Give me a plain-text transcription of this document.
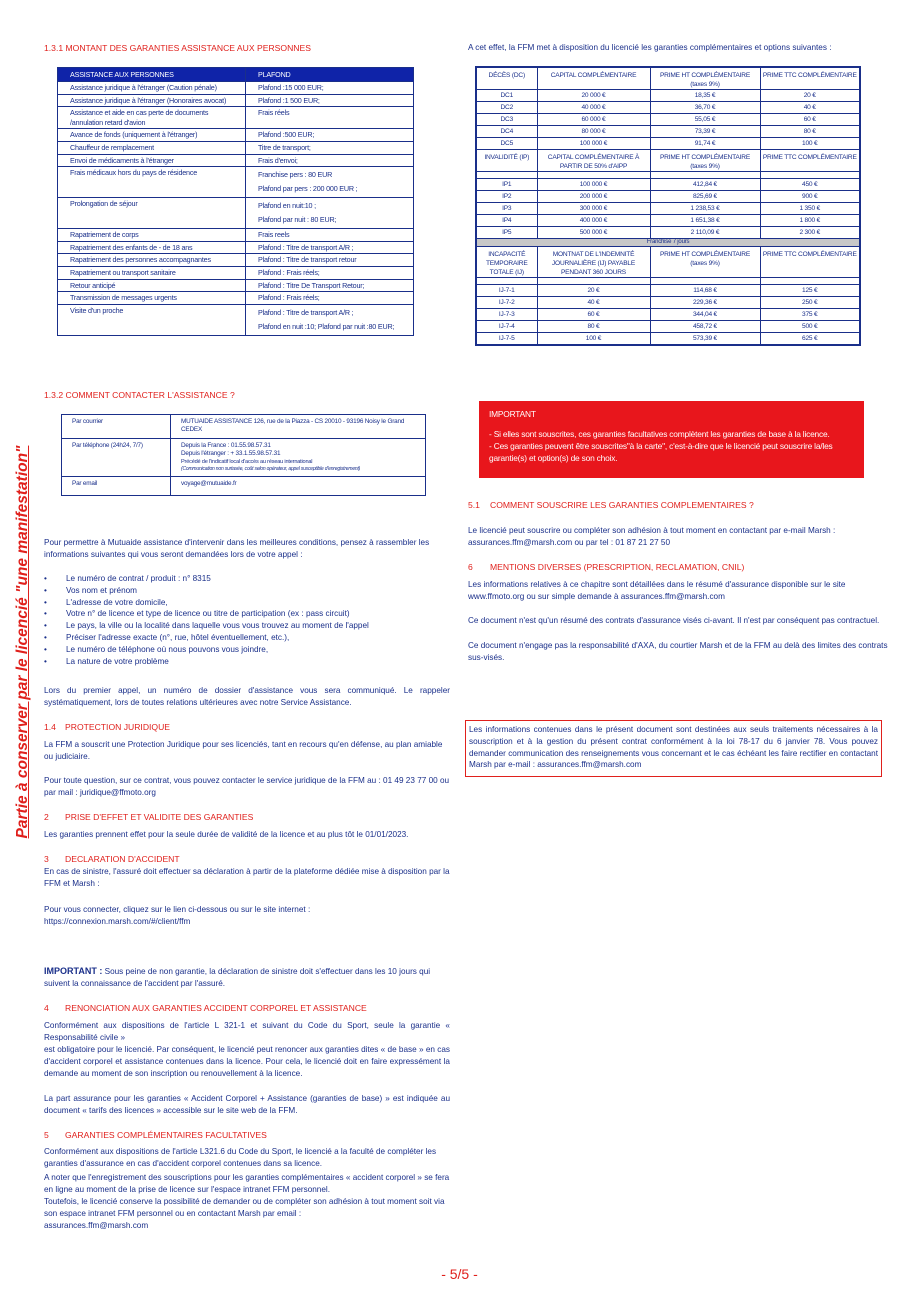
Partie à conserver par le licencié "une manifestation"
1.3.1 MONTANT DES GARANTIES ASSISTANCE AUX PERSONNES
ASSISTANCE AUX PERSONNES	PLAFOND
Assistance juridique à l'étranger (Caution pénale)	Plafond :15 000 EUR;
Assistance juridique à l'étranger (Honoraires avocat)	Plafond :1 500 EUR;
Assistance et aide en cas perte de documents /annulation retard d'avion	Frais réels
Avance de fonds (uniquement à l'étranger)	Plafond :500 EUR;
Chauffeur de remplacement	Titre de transport;
Envoi de médicaments à l'étranger	Frais d'envoi;
Frais médicaux hors du pays de résidence	Franchise pers : 80 EUR
Plafond par pers : 200 000 EUR ;
Prolongation de séjour	Plafond en nuit:10 ;
Plafond par nuit : 80 EUR;
Rapatriement de corps	Frais reels
Rapatriement des enfants de - de 18 ans	Plafond : Titre de transport A/R ;
Rapatriement des personnes accompagnantes	Plafond : Titre de transport retour
Rapatriement ou transport sanitaire	Plafond : Frais réels;
Retour anticipé	Plafond : Titre De Transport Retour;
Transmission de messages urgents	Plafond : Frais réels;
Visite d'un proche	Plafond : Titre de transport A/R ;
Plafond en nuit :10; Plafond par nuit :80 EUR;
1.3.2 COMMENT CONTACTER L'ASSISTANCE ?
Par courrier	MUTUAIDE ASSISTANCE 126, rue de la Piazza - CS 20010 - 93196 Noisy le Grand CEDEX
Par téléphone (24h24, 7/7)	Depuis la France : 01.55.98.57.31
Depuis l'étranger : + 33.1.55.98.57.31
Précédé de l'indicatif local d'accès au réseau international
(Communication non surtaxée, coût selon opérateur, appel susceptible d'enregistrement)

Par email	voyage@mutuaide.fr
Pour permettre à Mutuaide assistance d'intervenir dans les meilleures conditions, pensez à rassembler les informations suivantes qui vous seront demandées lors de votre appel :
• Le numéro de contrat / produit : n° 8315
• Vos nom et prénom
• L'adresse de votre domicile,
• Votre n° de licence et type de licence ou titre de participation (ex : pass circuit)
• Le pays, la ville ou la localité dans laquelle vous vous trouvez au moment de l'appel
• Préciser l'adresse exacte (n°, rue, hôtel éventuellement, etc.),
• Le numéro de téléphone où nous pouvons vous joindre,
• La nature de votre problème
Lors du premier appel, un numéro de dossier d'assistance vous sera communiqué. Le rappeler systématiquement, lors de toutes relations ultérieures avec notre Service Assistance.
1.4 PROTECTION JURIDIQUE
La FFM a souscrit une Protection Juridique pour ses licenciés, tant en recours qu'en défense, au plan amiable ou judiciaire.
Pour toute question, sur ce contrat, vous pouvez contacter le service juridique de la FFM au : 01 49 23 77 00 ou par mail : juridique@ffmoto.org
2 PRISE D'EFFET ET VALIDITE DES GARANTIES
Les garanties prennent effet pour la seule durée de validité de la licence et au plus tôt le 01/01/2023.
3 DECLARATION D'ACCIDENT
En cas de sinistre, l'assuré doit effectuer sa déclaration à partir de la plateforme dédiée mise à disposition par la FFM et Marsh :
Pour vous connecter, cliquez sur le lien ci-dessous ou sur le site internet :
https://connexion.marsh.com/#/client/ffm
IMPORTANT : Sous peine de non garantie, la déclaration de sinistre doit s'effectuer dans les 10 jours qui suivent la connaissance de l'accident par l'assuré.
4 RENONCIATION AUX GARANTIES ACCIDENT CORPOREL ET ASSISTANCE
Conformément aux dispositions de l'article L 321-1 et suivant du Code du Sport, seule la garantie « Responsabilité civile »
est obligatoire pour le licencié. Par conséquent, le licencié peut renoncer aux garanties dites « de base » en cas d'accident corporel et assistance contenues dans la licence. Pour cela, le licencié doit en faire expressément la demande au moment de son inscription ou renouvellement à la licence.
La part assurance pour les garanties « Accident Corporel + Assistance (garanties de base) » est indiquée au document « tarifs des licences » accessible sur le site web de la FFM.
5 GARANTIES COMPLÉMENTAIRES FACULTATIVES
Conformément aux dispositions de l'article L321.6 du Code du Sport, le licencié a la faculté de compléter les garanties d'assurance en cas d'accident corporel contenues dans sa licence.
A noter que l'enregistrement des souscriptions pour les garanties complémentaires « accident corporel » se fera en ligne au moment de la prise de licence sur l'espace intranet FFM personnel.
Toutefois, le licencié conserve la possibilité de demander ou de compléter son adhésion à tout moment soit via son espace intranet FFM personnel ou en contactant Marsh par email :
assurances.ffm@marsh.com
A cet effet, la FFM met à disposition du licencié les garanties complémentaires et options suivantes :
DÉCÈS (DC)	CAPITAL COMPLÉMENTAIRE	PRIME HT COMPLÉMENTAIRE (taxes 9%)	PRIME TTC COMPLÉMENTAIRE
DC1	20 000 €	18,35 €	20 €
DC2	40 000 €	36,70 €	40 €
DC3	60 000 €	55,05 €	60 €
DC4	80 000 €	73,39 €	80 €
DC5	100 000 €	91,74 €	100 €
INVALIDITÉ (IP)	CAPITAL COMPLÉMENTAIRE À PARTIR DE 50% d'AIPP	PRIME HT COMPLÉMENTAIRE (taxes 9%)	PRIME TTC COMPLÉMENTAIRE

IP1	100 000 €	412,84 €	450 €
IP2	200 000 €	825,69 €	900 €
IP3	300 000 €	1 238,53 €	1 350 €
IP4	400 000 €	1 651,38 €	1 800 €
IP5	500 000 €	2 110,09 €	2 300 €
Franchise 7 jours			
INCAPACITÉ TEMPORAIRE TOTALE (IJ)	MONTNAT DE L'INDEMNITÉ JOURNALIÈRE (IJ) PAYABLE PENDANT 360 JOURS	PRIME HT COMPLÉMENTAIRE (taxes 9%)	PRIME TTC COMPLÉMENTAIRE

IJ-7-1	20 €	114,68 €	125 €
IJ-7-2	40 €	229,36 €	250 €
IJ-7-3	60 €	344,04 €	375 €
IJ-7-4	80 €	458,72 €	500 €
IJ-7-5	100 €	573,39 €	625 €
IMPORTANT
- Si elles sont souscrites, ces garanties facultatives complètent les garanties de base à la licence.
- Ces garanties peuvent être souscrites"à la carte", c'est-à-dire que le licencié peut souscrire la/les garantie(s) et option(s) de son choix.
5.1 COMMENT SOUSCRIRE LES GARANTIES COMPLEMENTAIRES ?
Le licencié peut souscrire ou compléter son adhésion à tout moment en contactant par e-mail Marsh : assurances.ffm@marsh.com ou par tel : 01 87 21 27 50
6 MENTIONS DIVERSES (PRESCRIPTION, RECLAMATION, CNIL)
Les informations relatives à ce chapitre sont détaillées dans le résumé d'assurance disponible sur le site www.ffmoto.org ou sur simple demande à assurances.ffm@marsh.com
Ce document n'est qu'un résumé des contrats d'assurance visés ci-avant. Il n'est par conséquent pas contractuel.
Ce document n'engage pas la responsabilité d'AXA, du courtier Marsh et de la FFM au delà des limites des contrats sus-visés.
Les informations contenues dans le présent document sont destinées aux seuls traitements nécessaires à la souscription et à la gestion du présent contrat conformément à la loi 78-17 du 6 janvier 78. Vous pouvez demander communication des renseignements vous concernant et le cas échéant les faire rectifier en contactant Marsh par e-mail : assurances.ffm@marsh.com
- 5/5 -
